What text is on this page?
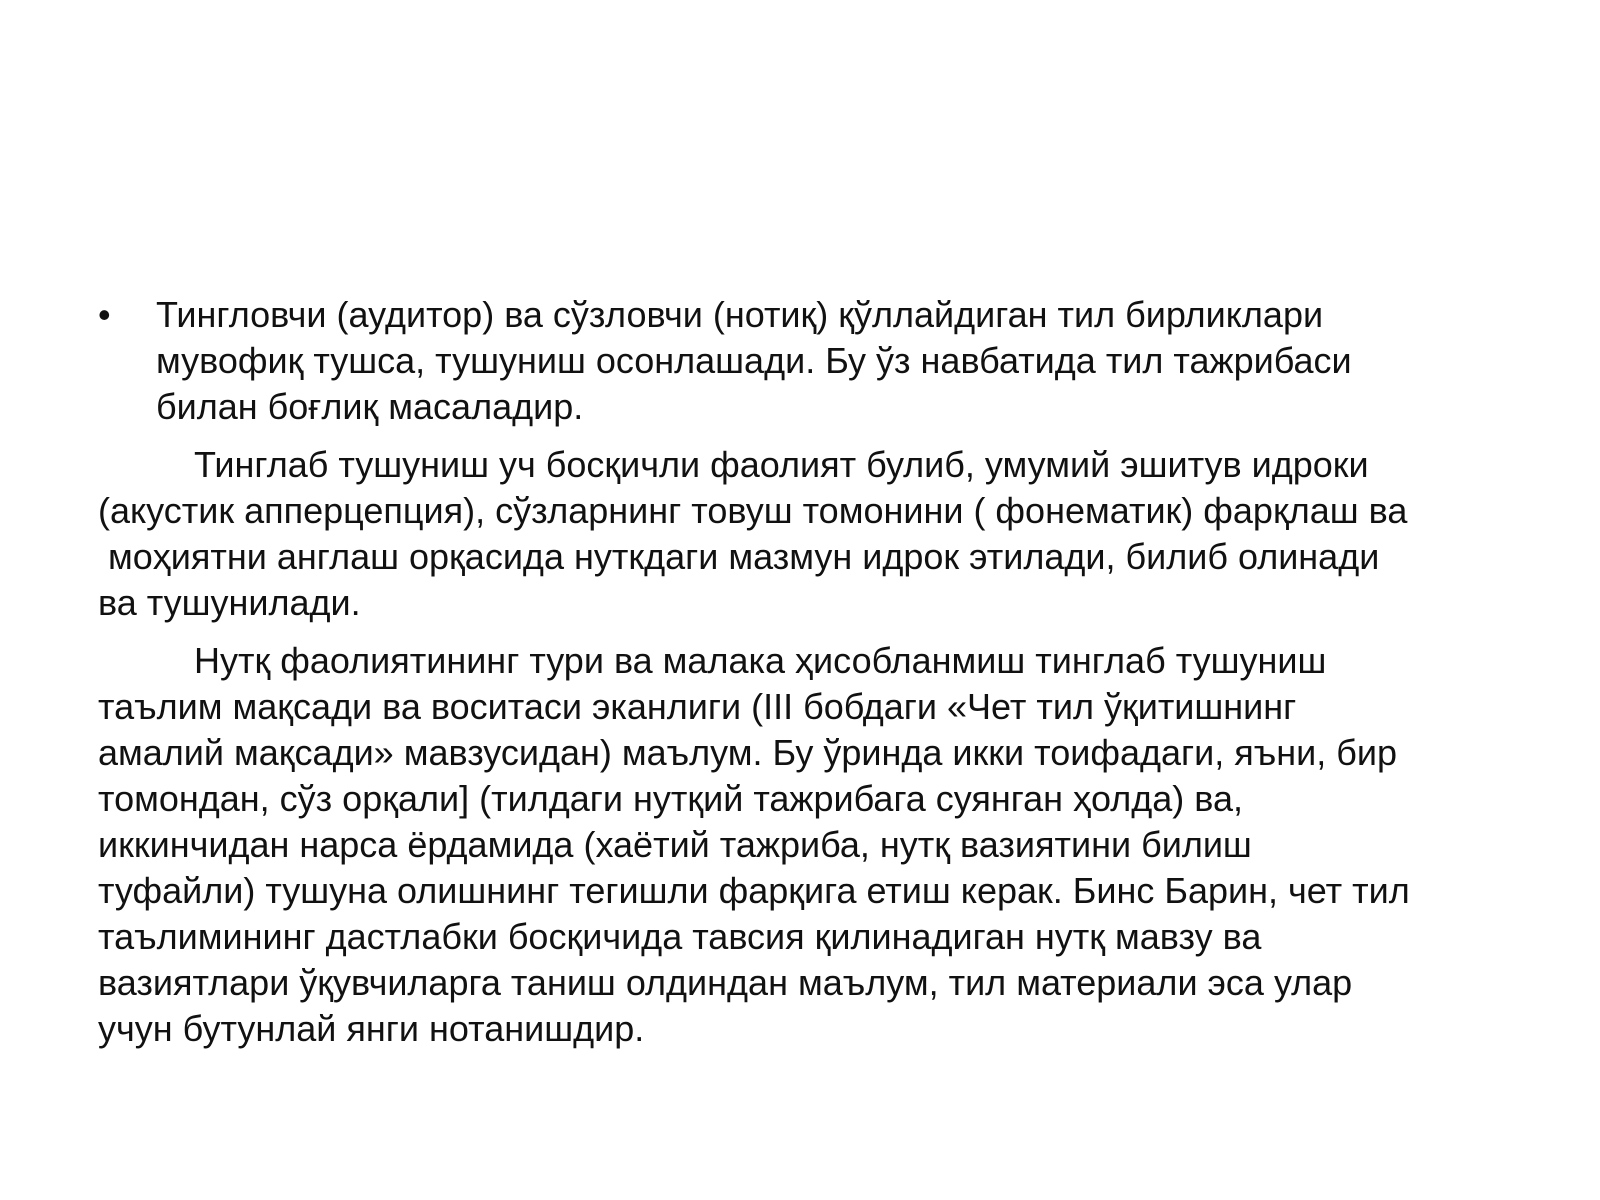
•	Тингловчи (аудитор) ва сўзловчи (нотиқ) қўллайдиган тил бирликлари
мувофиқ тушса, тушуниш осонлашади. Бу ўз навбатида тил тажрибаси
билан боғлиқ масаладир.
Тинглаб тушуниш уч босқичли фаолият булиб, умумий эшитув идроки
(акустик апперцепция), сўзларнинг товуш томонини ( фонематик) фарқлаш ва
моҳиятни англаш орқасида нуткдаги мазмун идрок этилади, билиб олинади
ва тушунилади.
Нутқ фаолиятининг тури ва малака ҳисобланмиш тинглаб тушуниш
таълим мақсади ва воситаси эканлиги (III бобдаги «Чет тил ўқитишнинг
амалий мақсади» мавзусидан) маълум. Бу ўринда икки тоифадаги, яъни, бир
томондан, сўз орқали] (тилдаги нутқий тажрибага суянган ҳолда) ва,
иккинчидан нарса ёрдамида (хаётий тажриба, нутқ вазиятини билиш
туфайли) тушуна олишнинг тегишли фарқига етиш керак. Бинс Барин, чет тил
таълимининг дастлабки босқичида тавсия қилинадиган нутқ мавзу ва
вазиятлари ўқувчиларга таниш олдиндан маълум, тил материали эса улар
учун бутунлай янги нотанишдир.
